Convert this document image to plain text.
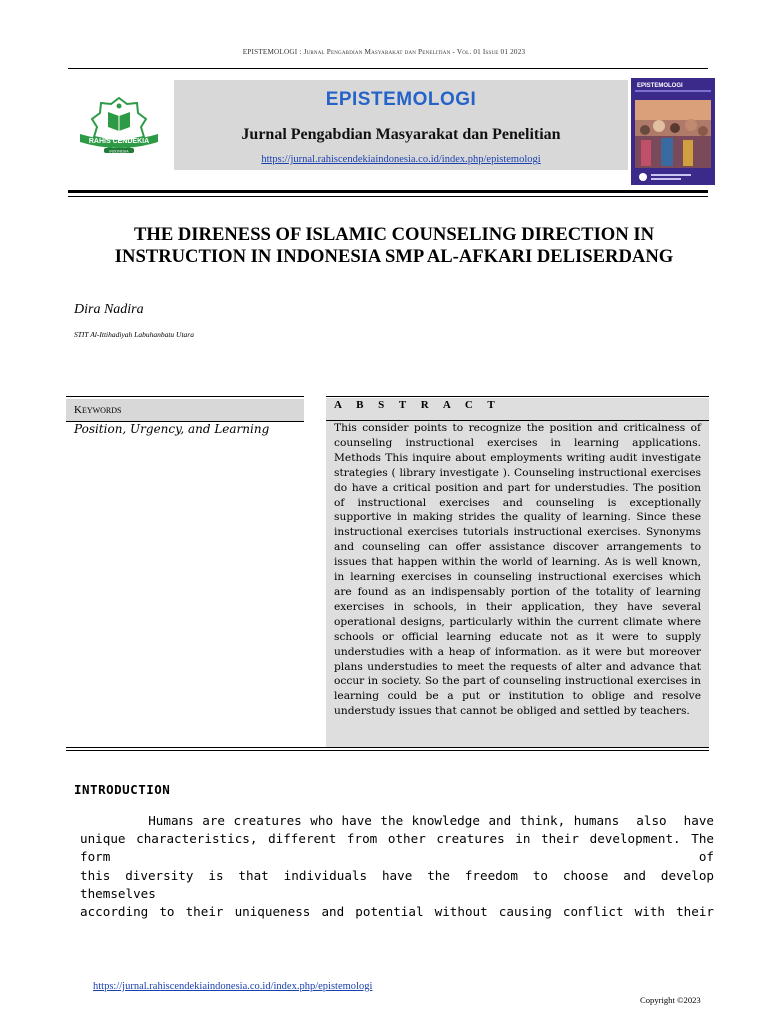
EPISTEMOLOGI : Jurnal Pengabdian Masyarakat dan Penelitian - Vol. 01 Issue 01 2023
RAHIS CENDEKIA
INDONESIA
EPISTEMOLOGI
Jurnal Pengabdian Masyarakat dan Penelitian
https://jurnal.rahiscendekiaindonesia.co.id/index.php/epistemologi
EPISTEMOLOGI
THE DIRENESS OF ISLAMIC COUNSELING DIRECTION IN
INSTRUCTION IN INDONESIA SMP AL-AFKARI DELISERDANG
Dira Nadira
STIT Al-Ittihadiyah Labuhanbatu Utara
Keywords
Position, Urgency, and Learning
A B S T R A C T
This consider points to recognize the position and criticalness of counseling instructional exercises in learning applications. Methods This inquire about employments writing audit investigate strategies ( library investigate ). Counseling instructional exercises do have a critical position and part for understudies. The position of instructional exercises and counseling is exceptionally supportive in making strides the quality of learning. Since these instructional exercises tutorials instructional exercises. Synonyms and counseling can offer assistance discover arrangements to issues that happen within the world of learning. As is well known, in learning exercises in counseling instructional exercises which are found as an indispensably portion of the totality of learning exercises in schools, in their application, they have several operational designs, particularly within the current climate where schools or official learning educate not as it were to supply understudies with a heap of information. as it were but moreover plans understudies to meet the requests of alter and advance that occur in society. So the part of counseling instructional exercises in learning could be a put or institution to oblige and resolve understudy issues that cannot be obliged and settled by teachers.
INTRODUCTION
Humans are creatures who have the knowledge and think, humans  also  have
unique characteristics, different from other creatures in their development. The form of
this diversity is that individuals have the freedom to choose and develop themselves
according to their uniqueness and potential without causing conflict with their
https://jurnal.rahiscendekiaindonesia.co.id/index.php/epistemologi
Copyright ©2023
